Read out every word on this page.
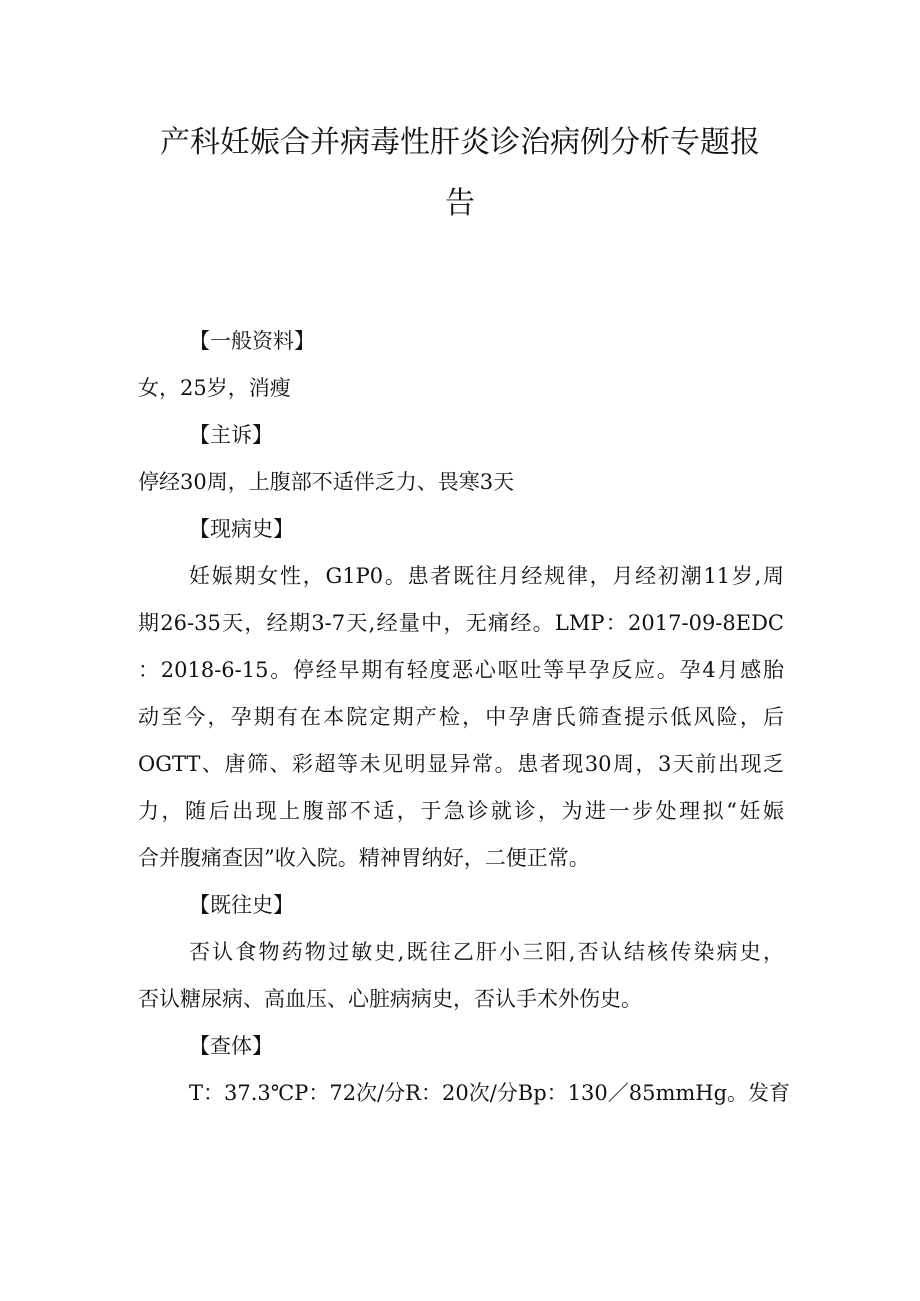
产科妊娠合并病毒性肝炎诊治病例分析专题报
告

【一般资料】

女，25岁，消瘦

【主诉】

停经30周，上腹部不适伴乏力、畏寒3天

【现病史】

妊娠期女性，G1P0。患者既往月经规律，月经初潮11岁,周

期26-35天，经期3-7天,经量中，无痛经。LMP：2017-09-8EDC

：2018-6-15。停经早期有轻度恶心呕吐等早孕反应。孕4月感胎

动至今，孕期有在本院定期产检，中孕唐氏筛查提示低风险，后

OGTT、唐筛、彩超等未见明显异常。患者现30周，3天前出现乏

力，随后出现上腹部不适，于急诊就诊，为进一步处理拟“妊娠

合并腹痛查因”收入院。精神胃纳好，二便正常。

【既往史】

否认食物药物过敏史,既往乙肝小三阳,否认结核传染病史，

否认糖尿病、高血压、心脏病病史，否认手术外伤史。

【查体】

T：37.3℃P：72次/分R：20次/分Bp：130／85mmHg。发育
